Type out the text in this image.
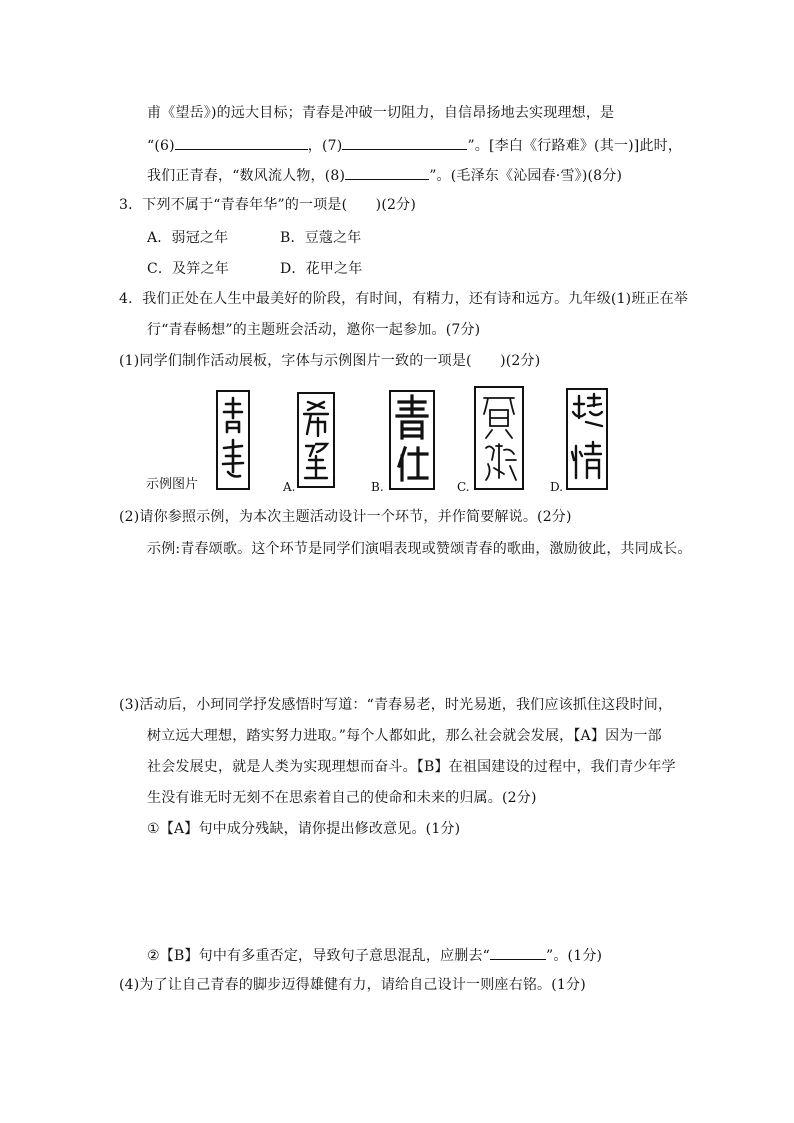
甫《望岳》)的远大目标；青春是冲破一切阻力，自信昂扬地去实现理想，是
“(6)	，(7)	”。[李白《行路难》(其一)]此时，
我们正青春，“数风流人物，(8)	”。(毛泽东《沁园春·雪》)(8分)
3．下列不属于“青春年华”的一项是(　　)(2分)
A．弱冠之年	B．豆蔻之年
C．及笄之年	D．花甲之年
4．我们正处在人生中最美好的阶段，有时间，有精力，还有诗和远方。九年级(1)班正在举
行“青春畅想”的主题班会活动，邀你一起参加。(7分)
(1)同学们制作活动展板，字体与示例图片一致的一项是(　　)(2分)
示例图片	A.	B.	C.	D.
(2)请你参照示例，为本次主题活动设计一个环节，并作简要解说。(2分)
示例:青春颂歌。这个环节是同学们演唱表现或赞颂青春的歌曲，激励彼此，共同成长。
(3)活动后，小珂同学抒发感悟时写道：“青春易老，时光易逝，我们应该抓住这段时间，
树立远大理想，踏实努力进取。”每个人都如此，那么社会就会发展，【A】因为一部
社会发展史，就是人类为实现理想而奋斗。【B】在祖国建设的过程中，我们青少年学
生没有谁无时无刻不在思索着自己的使命和未来的归属。(2分)
①【A】句中成分残缺，请你提出修改意见。(1分)
②【B】句中有多重否定，导致句子意思混乱，应删去“	”。(1分)
(4)为了让自己青春的脚步迈得雄健有力，请给自己设计一则座右铭。(1分)
